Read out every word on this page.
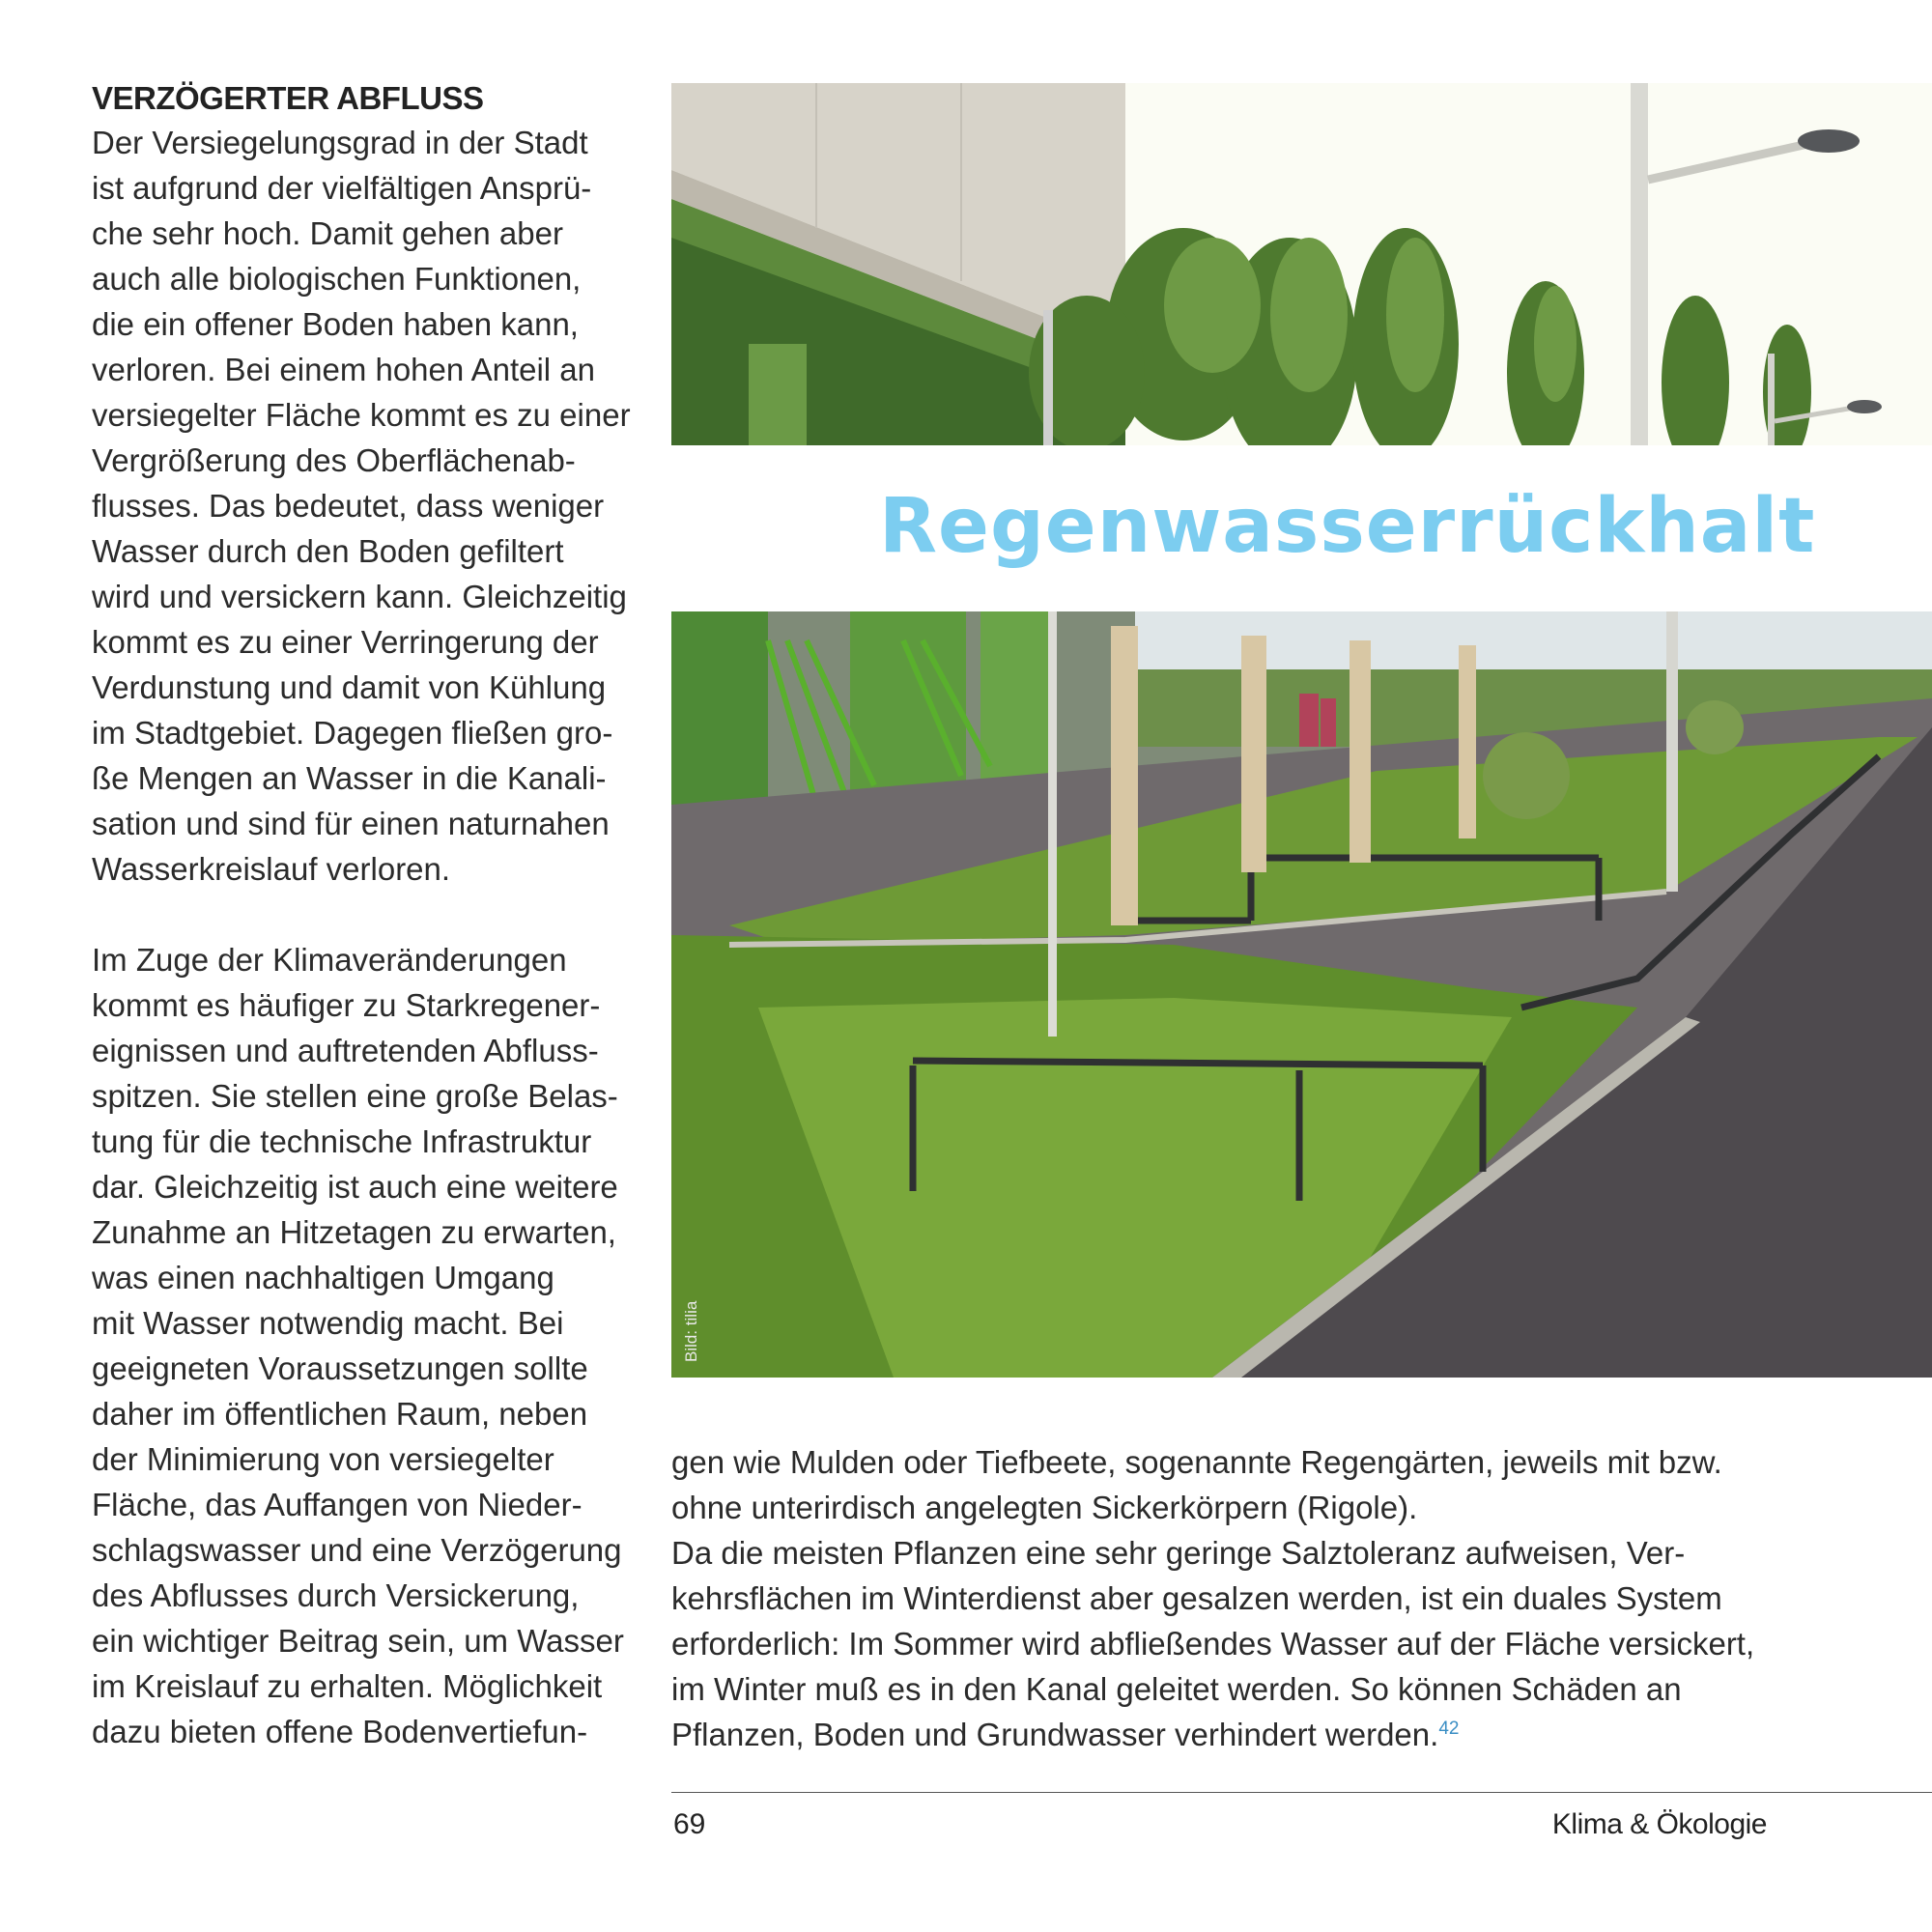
VERZÖGERTER ABFLUSS

Der Versiegelungsgrad in der Stadt
ist aufgrund der vielfältigen Ansprü-
che sehr hoch. Damit gehen aber
auch alle biologischen Funktionen,
die ein offener Boden haben kann,
verloren. Bei einem hohen Anteil an
versiegelter Fläche kommt es zu einer
Vergrößerung des Oberflächenab-
flusses. Das bedeutet, dass weniger
Wasser durch den Boden gefiltert
wird und versickern kann. Gleichzeitig
kommt es zu einer Verringerung der
Verdunstung und damit von Kühlung
im Stadtgebiet. Dagegen fließen gro-
ße Mengen an Wasser in die Kanali-
sation und sind für einen naturnahen
Wasserkreislauf verloren.

Im Zuge der Klimaveränderungen
kommt es häufiger zu Starkregener-
eignissen und auftretenden Abfluss-
spitzen. Sie stellen eine große Belas-
tung für die technische Infrastruktur
dar. Gleichzeitig ist auch eine weitere
Zunahme an Hitzetagen zu erwarten,
was einen nachhaltigen Umgang
mit Wasser notwendig macht. Bei
geeigneten Voraussetzungen sollte
daher im öffentlichen Raum, neben
der Minimierung von versiegelter
Fläche, das Auffangen von Nieder-
schlagswasser und eine Verzögerung
des Abflusses durch Versickerung,
ein wichtiger Beitrag sein, um Wasser
im Kreislauf zu erhalten. Möglichkeit
dazu bieten offene Bodenvertiefun-

Regenwasserrückhalt
Bild: tilia

gen wie Mulden oder Tiefbeete, sogenannte Regengärten, jeweils mit bzw.
ohne unterirdisch angelegten Sickerkörpern (Rigole).
Da die meisten Pflanzen eine sehr geringe Salztoleranz aufweisen, Ver-
kehrsflächen im Winterdienst aber gesalzen werden, ist ein duales System
erforderlich: Im Sommer wird abfließendes Wasser auf der Fläche versickert,
im Winter muß es in den Kanal geleitet werden. So können Schäden an
Pflanzen, Boden und Grundwasser verhindert werden.$^{42}$

69	Klima & Ökologie
